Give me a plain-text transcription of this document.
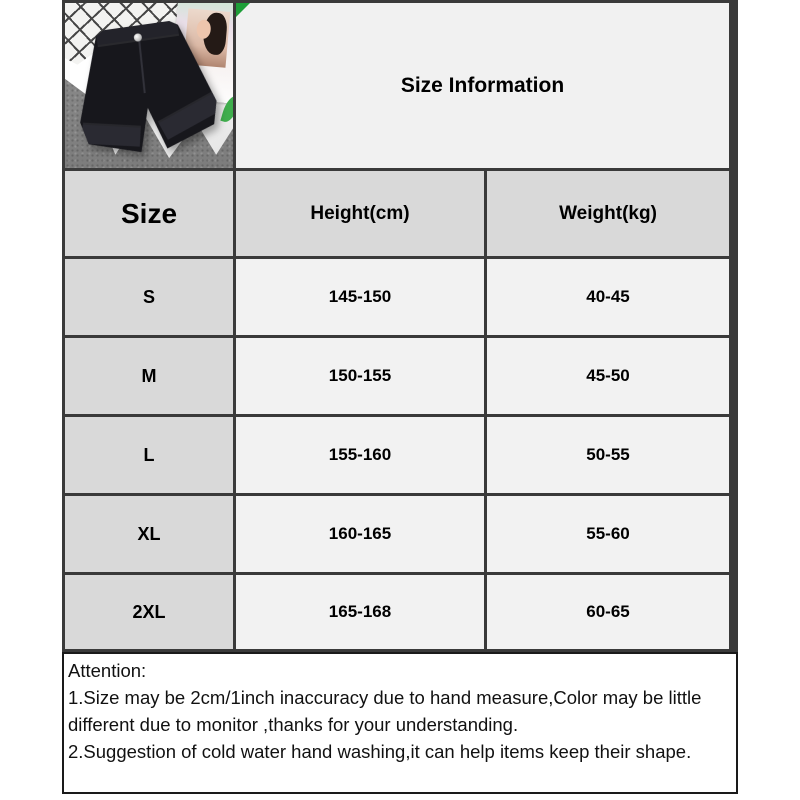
Size Information
Size	Height(cm)	Weight(kg)
S	145-150	40-45
M	150-155	45-50
L	155-160	50-55
XL	160-165	55-60
2XL	165-168	60-65
Attention:
1.Size may be 2cm/1inch inaccuracy due to hand measure,Color may be little
different due to monitor ,thanks for your understanding.
2.Suggestion of cold water hand washing,it can help items keep their shape.
